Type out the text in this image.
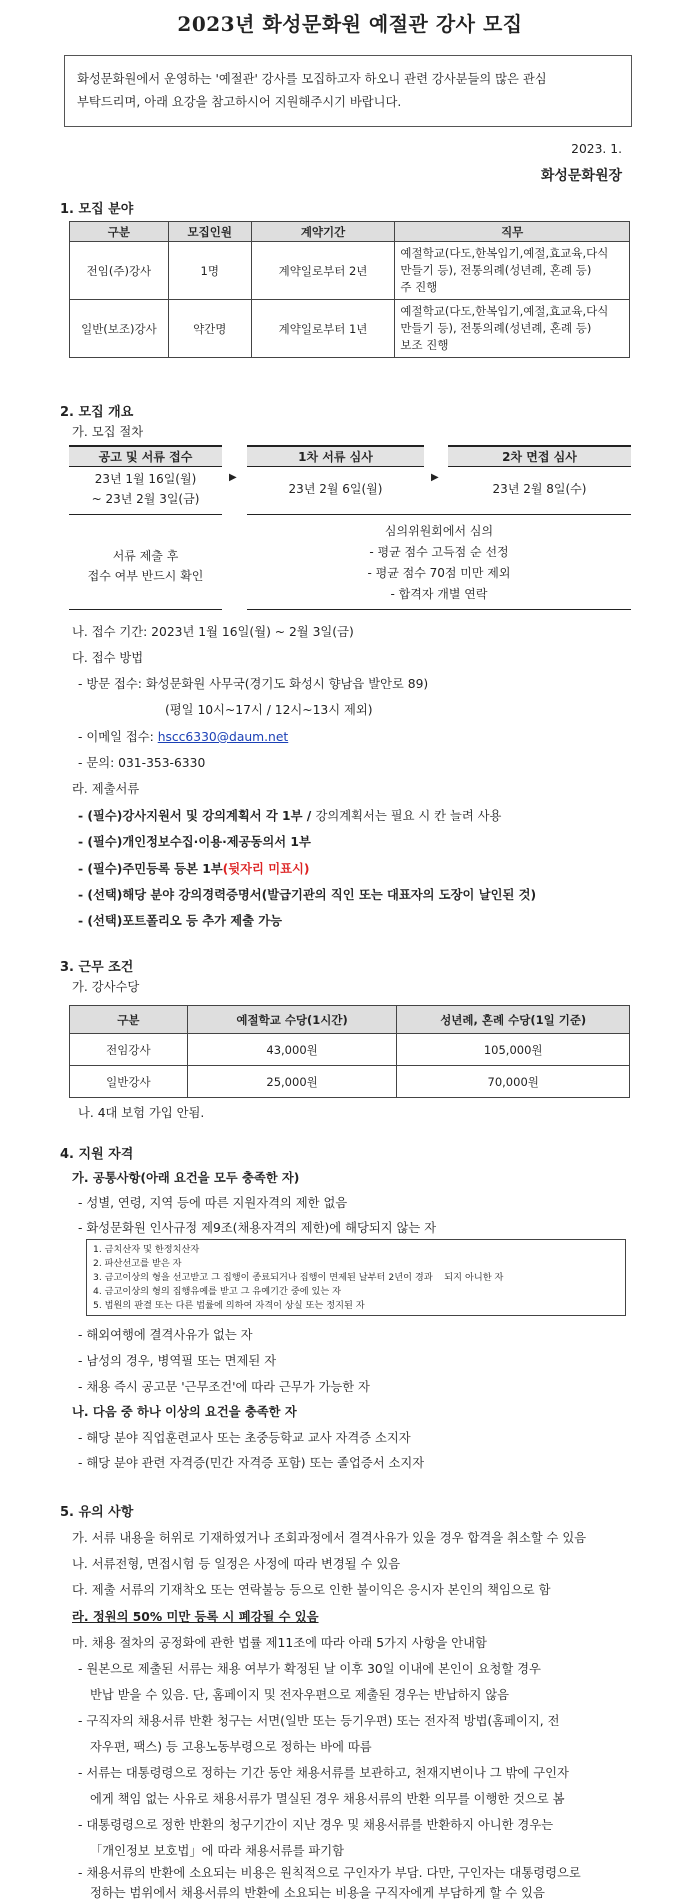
2023년 화성문화원 예절관 강사 모집
화성문화원에서 운영하는 '예절관' 강사를 모집하고자 하오니 관련 강사분들의 많은 관심
부탁드리며, 아래 요강을 참고하시어 지원해주시기 바랍니다.
2023. 1.
화성문화원장
1. 모집 분야
구분	모집인원	계약기간	직무
전임(주)강사	1명	계약일로부터 2년	예절학교(다도,한복입기,예절,효교육,다식
만들기 등), 전통의례(성년례, 혼례 등)
주 진행

일반(보조)강사	약간명	계약일로부터 1년	예절학교(다도,한복입기,예절,효교육,다식
만들기 등), 전통의례(성년례, 혼례 등)
보조 진행
2. 모집 개요
가. 모집 절차
공고 및 서류 접수
23년 1월 16일(월)
~ 23년 2월 3일(금)
▶
1차 서류 심사
23년 2월 6일(월)
▶
2차 면접 심사
23년 2월 8일(수)
서류 제출 후
접수 여부 반드시 확인
심의위원회에서 심의
- 평균 점수 고득점 순 선정
- 평균 점수 70점 미만 제외
- 합격자 개별 연락
나. 접수 기간: 2023년 1월 16일(월) ~ 2월 3일(금)
다. 접수 방법
- 방문 접수: 화성문화원 사무국(경기도 화성시 향남읍 발안로 89)
(평일 10시~17시 / 12시~13시 제외)
- 이메일 접수: hscc6330@daum.net
- 문의: 031-353-6330
라. 제출서류
- (필수)강사지원서 및 강의계획서 각 1부 / 강의계획서는 필요 시 칸 늘려 사용
- (필수)개인정보수집·이용·제공동의서 1부
- (필수)주민등록 등본 1부(뒷자리 미표시)
- (선택)해당 분야 강의경력증명서(발급기관의 직인 또는 대표자의 도장이 날인된 것)
- (선택)포트폴리오 등 추가 제출 가능
3. 근무 조건
가. 강사수당
구분	예절학교 수당(1시간)	성년례, 혼례 수당(1일 기준)
전임강사	43,000원	105,000원
일반강사	25,000원	70,000원
나. 4대 보험 가입 안됨.
4. 지원 자격
가. 공통사항(아래 요건을 모두 충족한 자)
- 성별, 연령, 지역 등에 따른 지원자격의 제한 없음
- 화성문화원 인사규정 제9조(채용자격의 제한)에 해당되지 않는 자
1. 금치산자 및 한정치산자
2. 파산선고를 받은 자
3. 금고이상의 형을 선고받고 그 집행이 종료되거나 집행이 면제된 날부터 2년이 경과    되지 아니한 자
4. 금고이상의 형의 집행유예를 받고 그 유예기간 중에 있는 자
5. 법원의 판결 또는 다른 법률에 의하여 자격이 상실 또는 정지된 자
- 해외여행에 결격사유가 없는 자
- 남성의 경우, 병역필 또는 면제된 자
- 채용 즉시 공고문 '근무조건'에 따라 근무가 가능한 자
나. 다음 중 하나 이상의 요건을 충족한 자
- 해당 분야 직업훈련교사 또는 초중등학교 교사 자격증 소지자
- 해당 분야 관련 자격증(민간 자격증 포함) 또는 졸업증서 소지자
5. 유의 사항
가. 서류 내용을 허위로 기재하였거나 조회과정에서 결격사유가 있을 경우 합격을 취소할 수 있음
나. 서류전형, 면접시험 등 일정은 사정에 따라 변경될 수 있음
다. 제출 서류의 기재착오 또는 연락불능 등으로 인한 불이익은 응시자 본인의 책임으로 함
라. 정원의 50% 미만 등록 시 폐강될 수 있음
마. 채용 절차의 공정화에 관한 법률 제11조에 따라 아래 5가지 사항을 안내함
- 원본으로 제출된 서류는 채용 여부가 확정된 날 이후 30일 이내에 본인이 요청할 경우
반납 받을 수 있음. 단, 홈페이지 및 전자우편으로 제출된 경우는 반납하지 않음
- 구직자의 채용서류 반환 청구는 서면(일반 또는 등기우편) 또는 전자적 방법(홈페이지, 전
자우편, 팩스) 등 고용노동부령으로 정하는 바에 따름
- 서류는 대통령령으로 정하는 기간 동안 채용서류를 보관하고, 천재지변이나 그 밖에 구인자
에게 책임 없는 사유로 채용서류가 멸실된 경우 채용서류의 반환 의무를 이행한 것으로 봄
- 대통령령으로 정한 반환의 청구기간이 지난 경우 및 채용서류를 반환하지 아니한 경우는
「개인정보 보호법」에 따라 채용서류를 파기함
- 채용서류의 반환에 소요되는 비용은 원칙적으로 구인자가 부담. 다만, 구인자는 대통령령으로
정하는 범위에서 채용서류의 반환에 소요되는 비용을 구직자에게 부담하게 할 수 있음
